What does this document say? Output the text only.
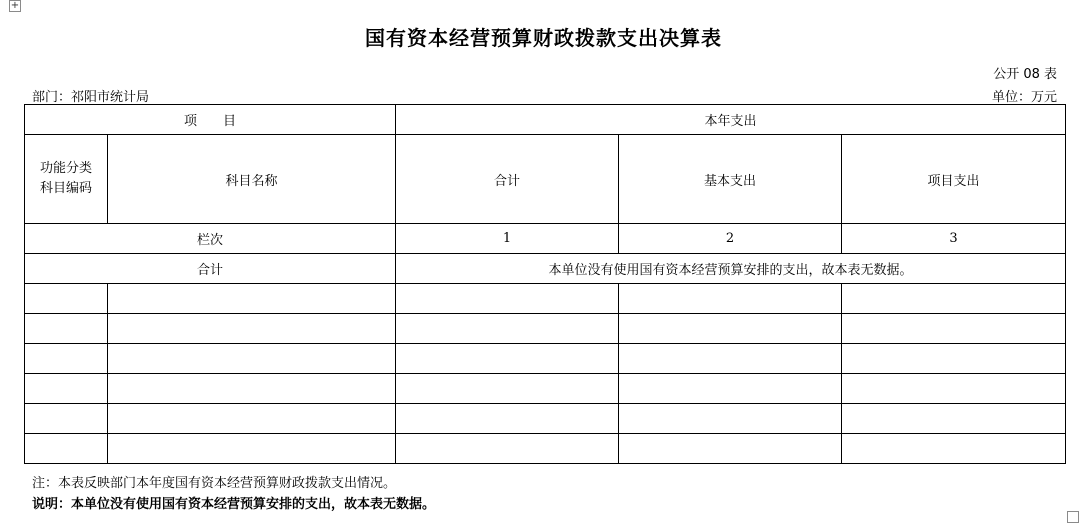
+
国有资本经营预算财政拨款支出决算表
公开 08 表
部门：祁阳市统计局	单位：万元
项　　目		本年支出		
功能分类
科目编码	科目名称	合计	基本支出	项目支出
栏次		1	2	3
合计		本单位没有使用国有资本经营预算安排的支出，故本表无数据。		

注：本表反映部门本年度国有资本经营预算财政拨款支出情况。
说明：本单位没有使用国有资本经营预算安排的支出，故本表无数据。
